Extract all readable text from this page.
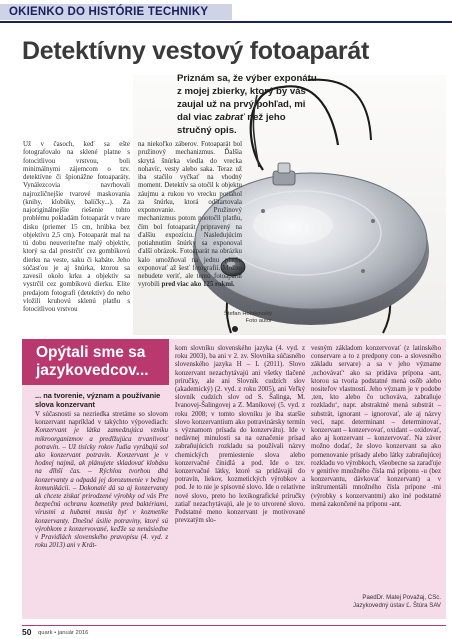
OKIENKO DO HISTÓRIE TECHNIKY
Detektívny vestový fotoaparát

Priznám sa, že výber exponátu z mojej zbierky, ktorý by vás zaujal už na prvý pohľad, mi dal viac zabrať než jeho stručný opis.

Už v časoch, keď sa ešte fotografovalo na sklené platne s fotocitlivou vrstvou, boli minimálnymi zájemcom o tzv. detektívne či špionážne fotoaparáty. Vynálezcovia navrhovali najrozličnejšie tvarové maskovania (knihy, klobúky, balíčky...). Za najoriginálnejšie riešenie tohto problému pokladám fotoaparát v tvare disku (priemer 15 cm, hrúbka bez objektívu 2,5 cm). Fotoaparát mal na tú dobu neuveriteľne malý objektív, ktorý sa dal prestrčiť cez gombíkovú dierku na veste, saku či kabáte. Jeho súčasťou je aj šnúrka, ktorou sa zavesil okolo krku a objektív sa vystrčil cez gombíkovú dierku. Elite predajom fotografí (detektív) do neho vložili kruhovú sklenú platňu s fotocitlivou vrstvou

na niekoľko záberov. Fotoaparát bol pružinový mechanizmus. Ďalšia skrytá šnúrka viedla do vrecka nohavíc, vesty alebo saka. Teraz už iba stačilo vyčkať na vhodný moment. Detektív sa otočil k objektu záujmu a rukou vo vrecku potiahol za šnúrku, ktorá odštartovala exponovanie. Pružinový mechanizmus potom pootočil platňu, čím bol fotoaparát pripravený na ďalšiu expozíciu. Nasledujúcim potiahnutím šnúrky sa exponoval ďalší obrázok. Fotoaparát na obrázku kalo umožňoval na jednu platňu exponovať až šesť fotografií. Možno nebudete veriť, ale tento fotoaparát vyrobili pred viac ako 125 rokmi.

Štefan Holakovský
Foto autor
Opýtali sme sa jazykovedcov...
... na tvorenie, význam a používanie slova konzervant

V súčasnosti sa nezriedka stretáme so slovom konzervant napríklad v takýchto výpovediach: Konzervant je látka zamedzujúca vzniku mikroorganizmov a predlžujúca trvanlivosť potravín. – Už tisícky rokov ľudia vyrábajú sol ako konzervant potravín. Konzervant je v hodnej najmä, ak plánujete skladovať klobásu na dlhší čas. – Rýchlou tvorbou dbá konzervanty a odpadá jej dorozumenie v bežnej komunikácii. – Dokonalé dá sa aj konzervanty ak chcete získať prirodzené výrobky od vás Pre bezpečnú ochranu kozmetiky pred baktériami, vírusmi a hubami musia byť v kozmetike konzervanty. Dnešné úsilie potraviny, ktoré sú výrobkom z konzervované, keďže sa nenásiedne v Pravidlách slovenského pravopisu (4. vyd. z roku 2013) ani v Krát-

kom slovníku slovenského jazyka (4. vyd. z roku 2003), ba ani v 2. zv. Slovníka súčasného slovenského jazyka H – L (2011). Slovo konzervant nezachytávajú ani všetky tlačené príručky, ale ani Slovník cudzích slov (akademický) (2. vyd. z roku 2005), ani Veľký slovník cudzích slov od S. Šalinga, M. Ivanovej-Šalingovej a Z. Maníkovej (5. vyd. z roku 2008; v tomto slovníku je iba staršie slovo konzervantium ako potravinársky termín s významom prísada do konzervátu). Ide v nedávnej minulosti sa na označenie prísad zabraňujúcich rozkladu sa používali názvy chemických premiestenie slova alebo konzervačné činidlá a pod. Ide o tzv. konzervačné látky, ktoré sa pridávajú do potravín, liekov, kozmetických výrobkov a pod. Je to nie je spisovné slovo. Ide o relatívne nové slovo, preto ho lexikografické príručky zatiaľ nezachytávajú, ale je to utvorené slovo. Podstatné meno konzervant je motivované prevzatým slo-

vesným základom konzervovať (z latinského conservare a to z predpony con- a slovesného základu servare) a sa v jeho význame ‚uchovávať‘ ako sa pridáva prípona -ant, ktorou sa tvoria podstatné mená osôb alebo nositeľov vlastností. Jeho význam je v podobe ‚ten, kto alebo čo uchováva, zabraňuje rozkladu‘, napr. abstraktné mená substrát – substrát, ignorant – ignorovať, ale aj názvy vecí, napr. determinant – determinovať, konzervant – konzervovať, oxidant – oxidovať, ako aj konzervant – konzervovať. Na záver možno dodať, že slovo konzervant sa ako pomenovanie prísady alebo látky zabraňujúcej rozkladu vo výrobkoch, všeobecne sa zaraďuje v genitíve množného čísla má príponu -u (bez konzervantu, dávkovať konzervant) a v inštrumentáli množného čísla prípone -mi (výrobky s konzervantmi) ako iné podstatné mená zakončené na príponu -ant.

PaedDr. Matej Považaj, CSc.
Jazykovedný ústav Ľ. Štúra SAV
50 quark • január 2016
